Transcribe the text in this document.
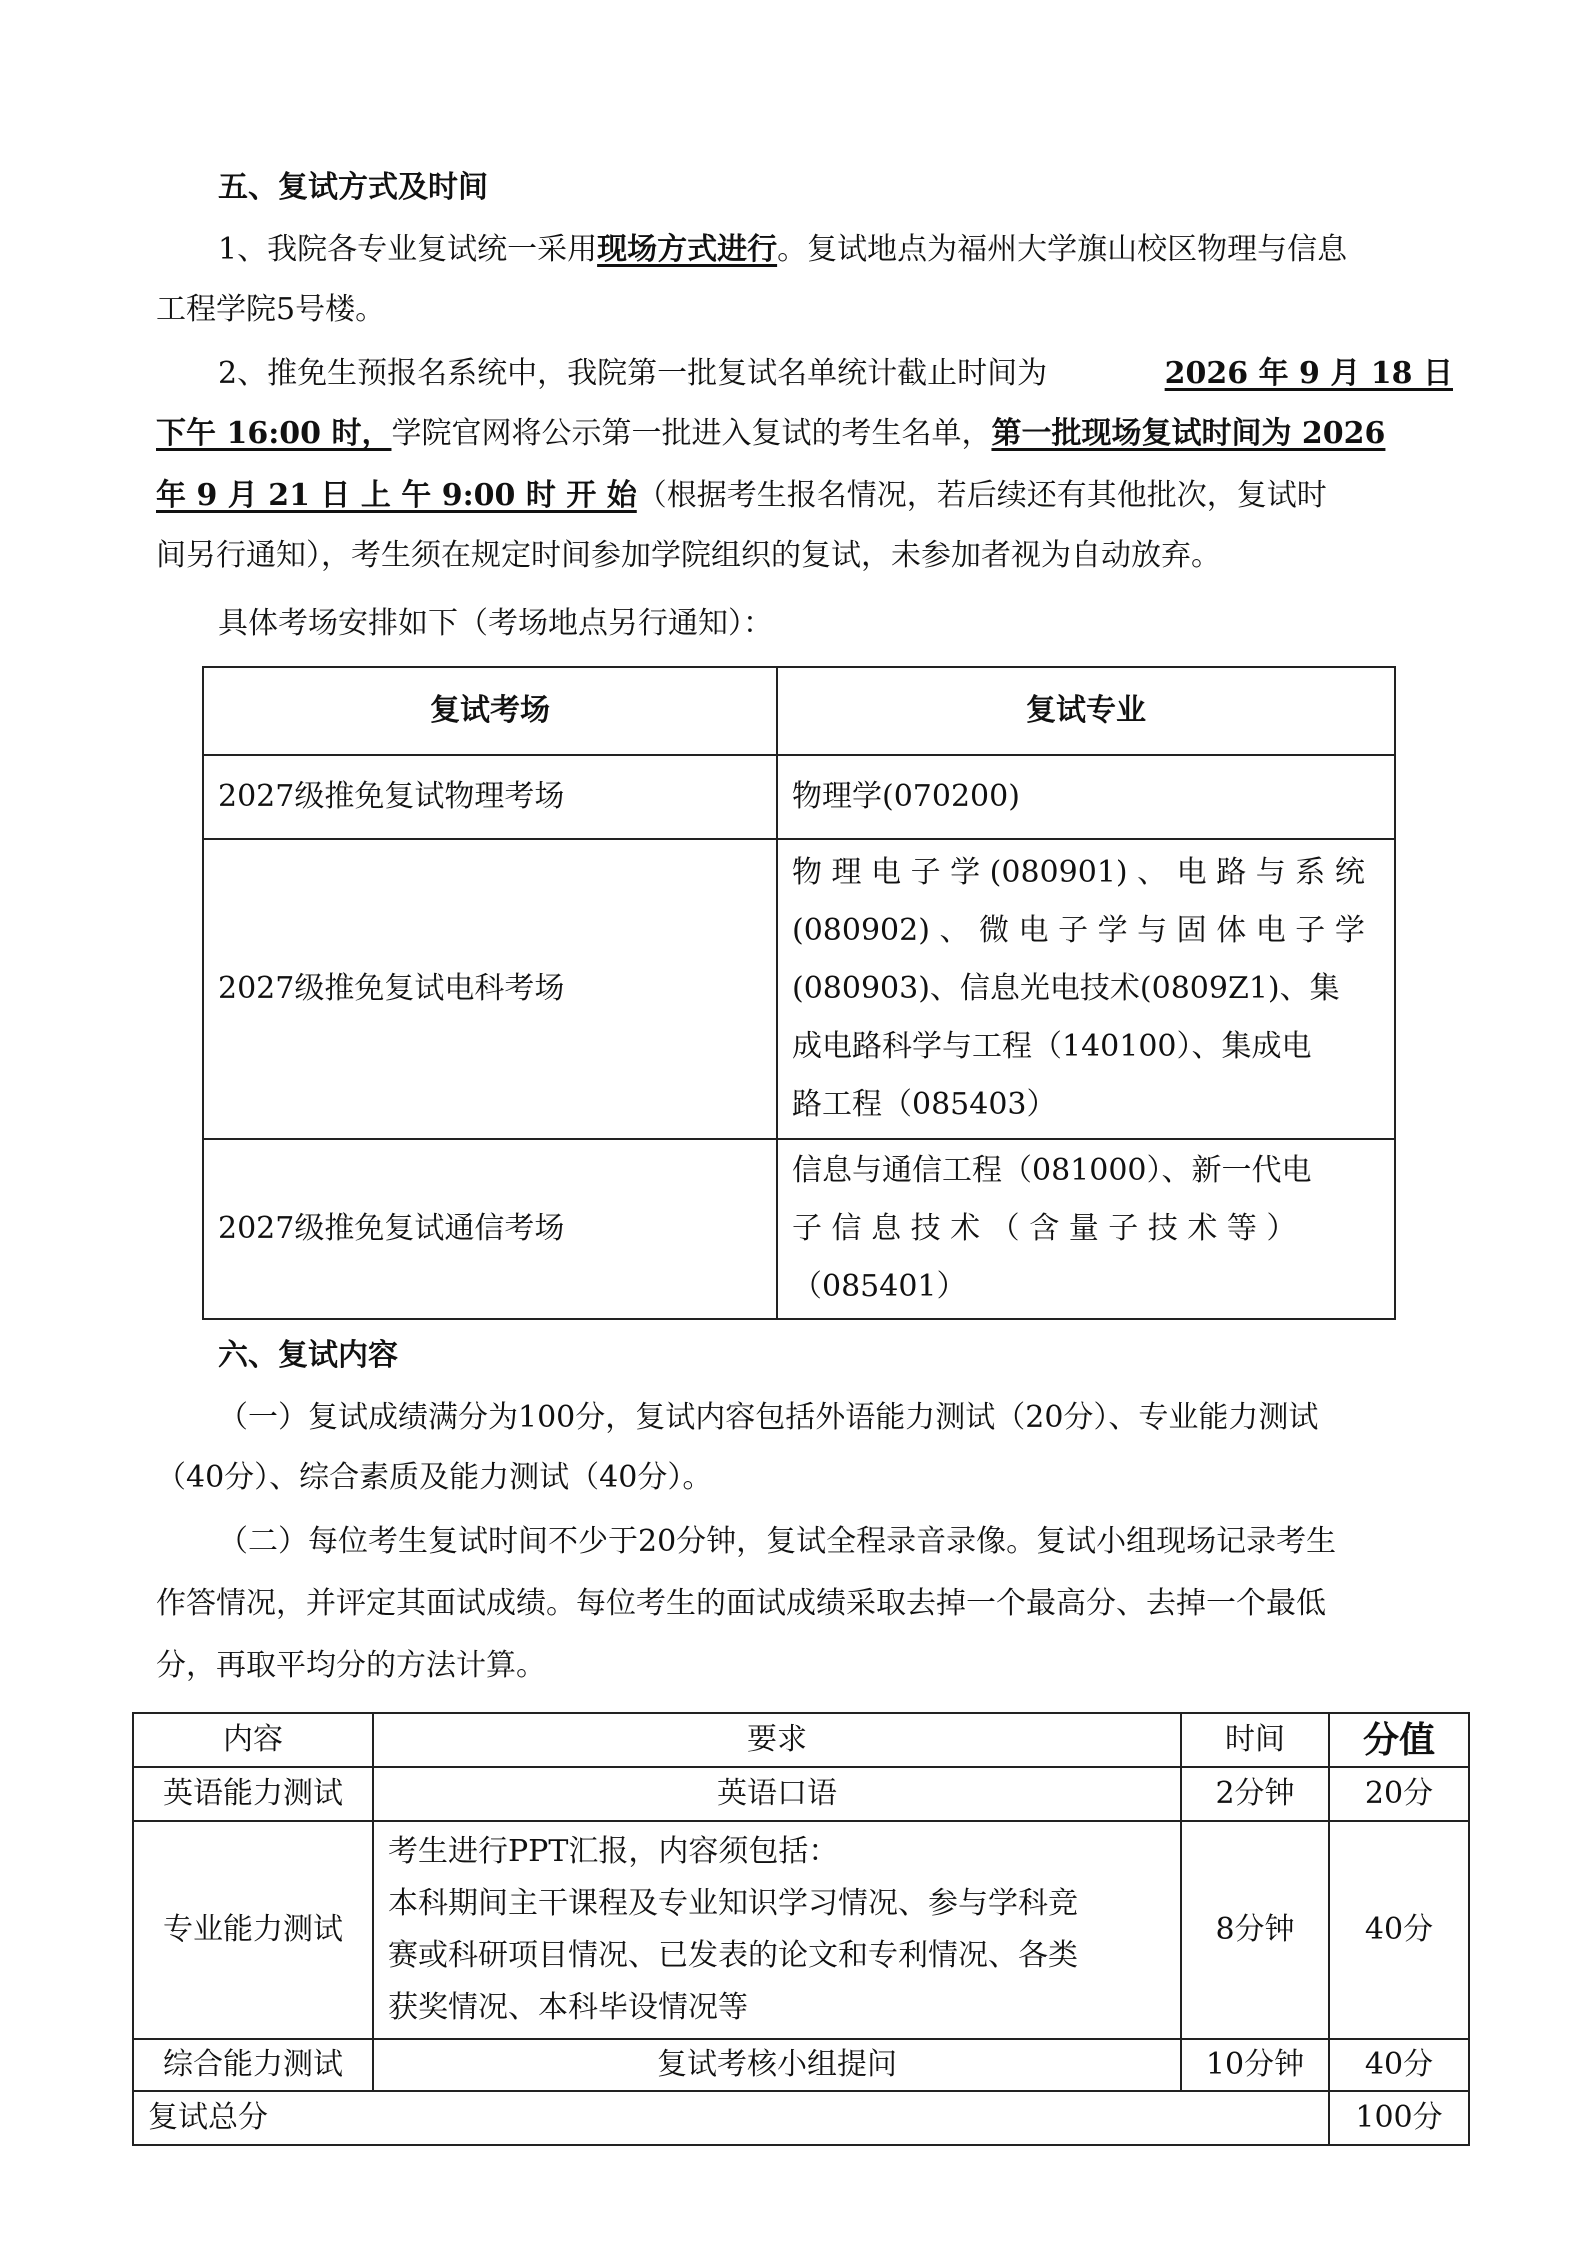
五、复试方式及时间
1、我院各专业复试统一采用现场方式进行。复试地点为福州大学旗山校区物理与信息
工程学院5号楼。
2、推免生预报名系统中，我院第一批复试名单统计截止时间为	2026 年 9 月 18 日
下午 16:00 时，学院官网将公示第一批进入复试的考生名单，第一批现场复试时间为 2026
年 9 月 21 日 上 午 9:00 时 开 始（根据考生报名情况，若后续还有其他批次，复试时
间另行通知），考生须在规定时间参加学院组织的复试，未参加者视为自动放弃。
具体考场安排如下（考场地点另行通知）：
复试考场	复试专业
2027级推免复试物理考场	物理学(070200)

2027级推免复试电科考场	物 理 电 子 学 (080901) 、 电 路 与 系 统
(080902) 、 微 电 子 学 与 固 体 电 子 学
(080903)、信息光电技术(0809Z1)、集
成电路科学与工程（140100）、集成电
路工程（085403）

2027级推免复试通信考场	信息与通信工程（081000）、新一代电
子 信 息 技 术 （ 含 量 子 技 术 等 ）
（085401）
六、复试内容
（一）复试成绩满分为100分，复试内容包括外语能力测试（20分）、专业能力测试
（40分）、综合素质及能力测试（40分）。
（二）每位考生复试时间不少于20分钟，复试全程录音录像。复试小组现场记录考生
作答情况，并评定其面试成绩。每位考生的面试成绩采取去掉一个最高分、去掉一个最低
分，再取平均分的方法计算。
内容	要求	时间	分值
英语能力测试	英语口语	2分钟	20分
专业能力测试	考生进行PPT汇报，内容须包括：
本科期间主干课程及专业知识学习情况、参与学科竞
赛或科研项目情况、已发表的论文和专利情况、各类
获奖情况、本科毕设情况等	8分钟	40分
综合能力测试	复试考核小组提问	10分钟	40分
复试总分			100分
